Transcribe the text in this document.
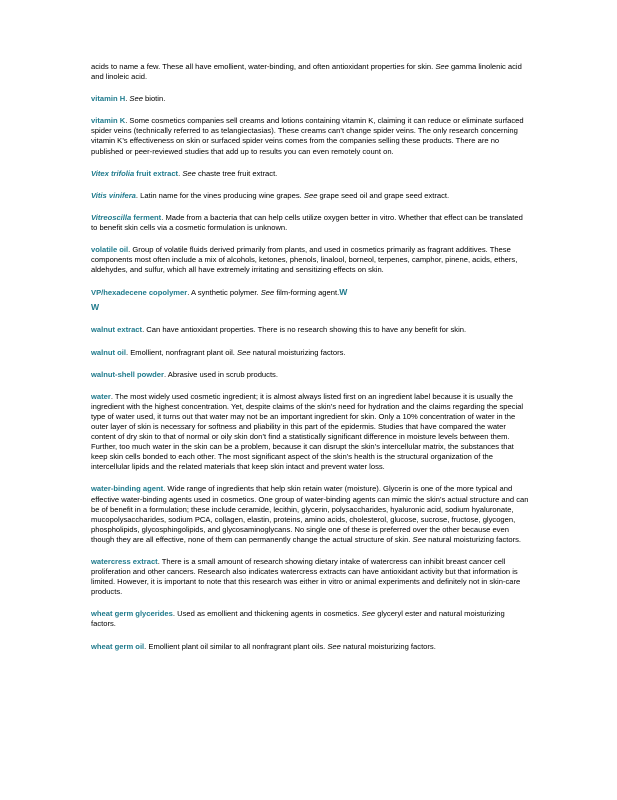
acids to name a few. These all have emollient, water-binding, and often antioxidant properties for skin. See gamma linolenic acid and linoleic acid.

vitamin H. See biotin.

vitamin K. Some cosmetics companies sell creams and lotions containing vitamin K, claiming it can reduce or eliminate surfaced spider veins (technically referred to as telangiectasias). These creams can’t change spider veins. The only research concerning vitamin K’s effectiveness on skin or surfaced spider veins comes from the companies selling these products. There are no published or peer-reviewed studies that add up to results you can even remotely count on.

Vitex trifolia fruit extract. See chaste tree fruit extract.

Vitis vinifera. Latin name for the vines producing wine grapes. See grape seed oil and grape seed extract.

Vitreoscilla ferment. Made from a bacteria that can help cells utilize oxygen better in vitro. Whether that effect can be translated to benefit skin cells via a cosmetic formulation is unknown.

volatile oil. Group of volatile fluids derived primarily from plants, and used in cosmetics primarily as fragrant additives. These components most often include a mix of alcohols, ketones, phenols, linalool, borneol, terpenes, camphor, pinene, acids, ethers, aldehydes, and sulfur, which all have extremely irritating and sensitizing effects on skin.

VP/hexadecene copolymer. A synthetic polymer. See film-forming agent.W

W

walnut extract. Can have antioxidant properties. There is no research showing this to have any benefit for skin.

walnut oil. Emollient, nonfragrant plant oil. See natural moisturizing factors.

walnut-shell powder. Abrasive used in scrub products.

water. The most widely used cosmetic ingredient; it is almost always listed first on an ingredient label because it is usually the ingredient with the highest concentration. Yet, despite claims of the skin’s need for hydration and the claims regarding the special type of water used, it turns out that water may not be an important ingredient for skin. Only a 10% concentration of water in the outer layer of skin is necessary for softness and pliability in this part of the epidermis. Studies that have compared the water content of dry skin to that of normal or oily skin don’t find a statistically significant difference in moisture levels between them. Further, too much water in the skin can be a problem, because it can disrupt the skin’s intercellular matrix, the substances that keep skin cells bonded to each other. The most significant aspect of the skin’s health is the structural organization of the intercellular lipids and the related materials that keep skin intact and prevent water loss.

water-binding agent. Wide range of ingredients that help skin retain water (moisture). Glycerin is one of the more typical and effective water-binding agents used in cosmetics. One group of water-binding agents can mimic the skin’s actual structure and can be of benefit in a formulation; these include ceramide, lecithin, glycerin, polysaccharides, hyaluronic acid, sodium hyaluronate, mucopolysaccharides, sodium PCA, collagen, elastin, proteins, amino acids, cholesterol, glucose, sucrose, fructose, glycogen, phospholipids, glycosphingolipids, and glycosaminoglycans. No single one of these is preferred over the other because even though they are all effective, none of them can permanently change the actual structure of skin. See natural moisturizing factors.

watercress extract. There is a small amount of research showing dietary intake of watercress can inhibit breast cancer cell proliferation and other cancers. Research also indicates watercress extracts can have antioxidant activity but that information is limited. However, it is important to note that this research was either in vitro or animal experiments and definitely not in skin-care products.

wheat germ glycerides. Used as emollient and thickening agents in cosmetics. See glyceryl ester and natural moisturizing factors.

wheat germ oil. Emollient plant oil similar to all nonfragrant plant oils. See natural moisturizing factors.
